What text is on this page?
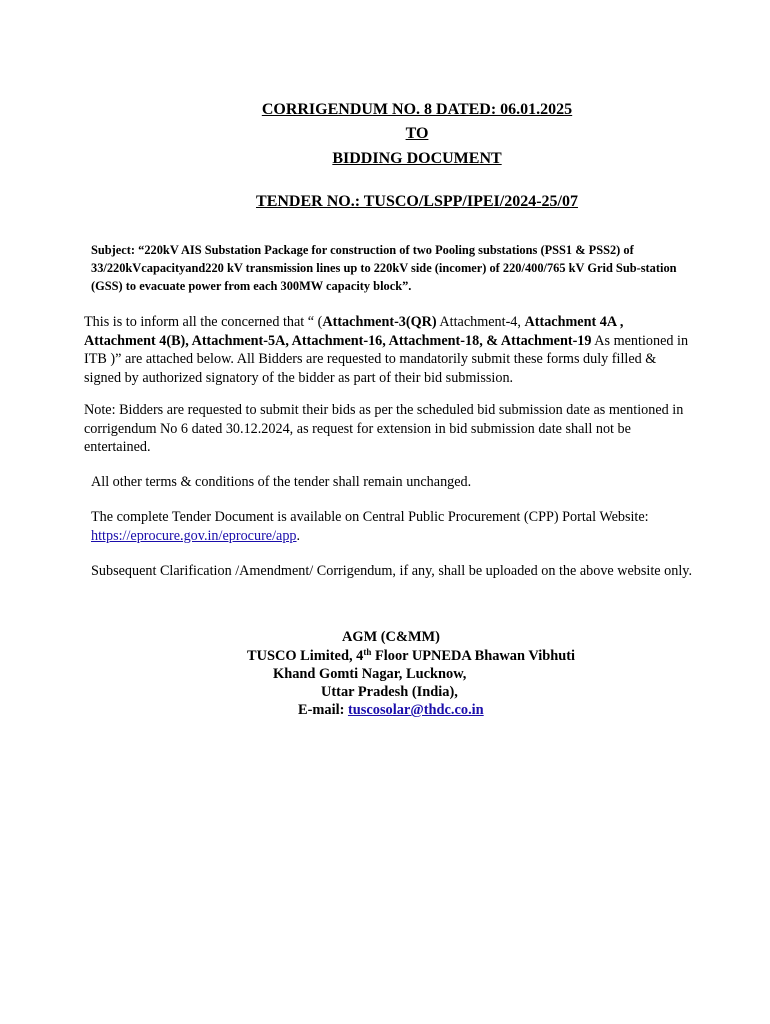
CORRIGENDUM NO. 8 DATED: 06.01.2025

TO

BIDDING DOCUMENT

TENDER NO.: TUSCO/LSPP/IPEI/2024-25/07

Subject: “220kV AIS Substation Package for construction of two Pooling substations (PSS1 & PSS2) of 33/220kVcapacityand220 kV transmission lines up to 220kV side (incomer) of 220/400/765 kV Grid Sub-station (GSS) to evacuate power from each 300MW capacity block”.

This is to inform all the concerned that “ (Attachment-3(QR) Attachment-4, Attachment 4A , Attachment 4(B), Attachment-5A, Attachment-16, Attachment-18, & Attachment-19 As mentioned in ITB )” are attached below. All Bidders are requested to mandatorily submit these forms duly filled & signed by authorized signatory of the bidder as part of their bid submission.

Note: Bidders are requested to submit their bids as per the scheduled bid submission date as mentioned in corrigendum No 6 dated 30.12.2024, as request for extension in bid submission date shall not be entertained.

All other terms & conditions of the tender shall remain unchanged.

The complete Tender Document is available on Central Public Procurement (CPP) Portal Website: https://eprocure.gov.in/eprocure/app.

Subsequent Clarification /Amendment/ Corrigendum, if any, shall be uploaded on the above website only.

AGM (C&MM)

TUSCO Limited, 4th Floor UPNEDA Bhawan Vibhuti

Khand Gomti Nagar, Lucknow,

Uttar Pradesh (India),

E-mail: tuscosolar@thdc.co.in
